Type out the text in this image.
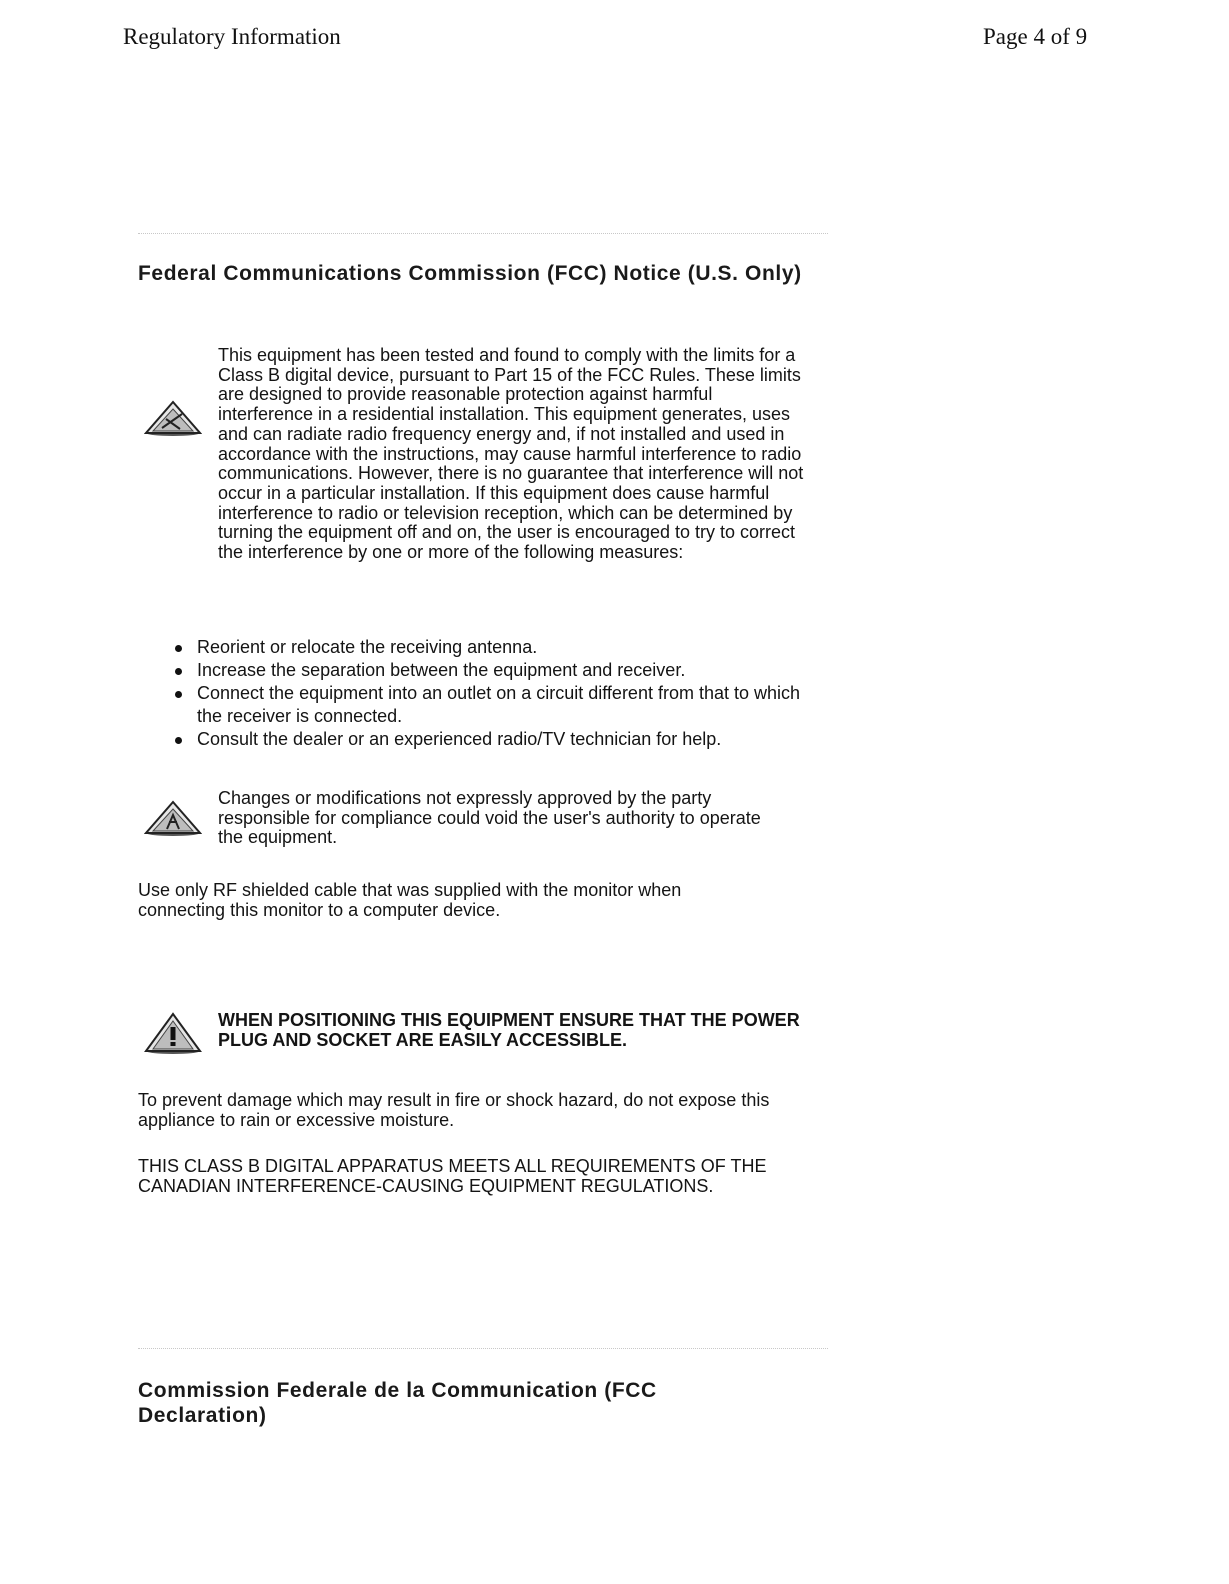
Regulatory Information	Page 4 of 9
Federal Communications Commission (FCC) Notice (U.S. Only)

This equipment has been tested and found to comply with the limits for a Class B digital device, pursuant to Part 15 of the FCC Rules. These limits are designed to provide reasonable protection against harmful interference in a residential installation. This equipment generates, uses and can radiate radio frequency energy and, if not installed and used in accordance with the instructions, may cause harmful interference to radio communications. However, there is no guarantee that interference will not occur in a particular installation. If this equipment does cause harmful interference to radio or television reception, which can be determined by turning the equipment off and on, the user is encouraged to try to correct the interference by one or more of the following measures:

Reorient or relocate the receiving antenna.
Increase the separation between the equipment and receiver.
Connect the equipment into an outlet on a circuit different from that to which the receiver is connected.
Consult the dealer or an experienced radio/TV technician for help.

Changes or modifications not expressly approved by the party responsible for compliance could void the user's authority to operate the equipment.

Use only RF shielded cable that was supplied with the monitor when connecting this monitor to a computer device.

WHEN POSITIONING THIS EQUIPMENT ENSURE THAT THE POWER PLUG AND SOCKET ARE EASILY ACCESSIBLE.

To prevent damage which may result in fire or shock hazard, do not expose this appliance to rain or excessive moisture.

THIS CLASS B DIGITAL APPARATUS MEETS ALL REQUIREMENTS OF THE CANADIAN INTERFERENCE-CAUSING EQUIPMENT REGULATIONS.

Commission Federale de la Communication (FCC Declaration)
